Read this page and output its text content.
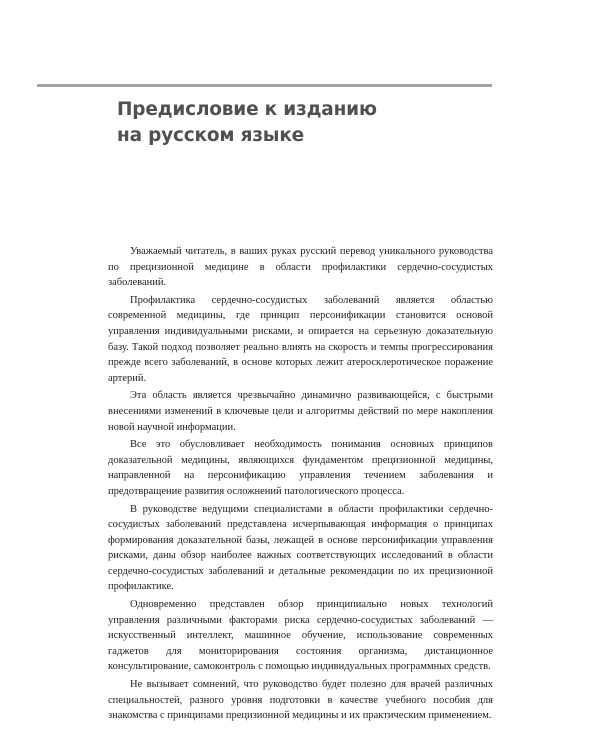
Предисловие к изданию
на русском языке

Уважаемый читатель, в ваших руках русский перевод уникального руководства по прецизионной медицине в области профилактики сердечно-сосудистых заболеваний.

Профилактика сердечно-сосудистых заболеваний является областью современной медицины, где принцип персонификации становится основой управления индивидуальными рисками, и опирается на серьезную доказательную базу. Такой подход позволяет реально влиять на скорость и темпы прогрессирования прежде всего заболеваний, в основе которых лежит атеросклеротическое поражение артерий.

Эта область является чрезвычайно динамично развивающейся, с быстрыми внесениями изменений в ключевые цели и алгоритмы действий по мере накопления новой научной информации.

Все это обусловливает необходимость понимания основных принципов доказательной медицины, являющихся фундаментом прецизионной медицины, направленной на персонификацию управления течением заболевания и предотвращение развития осложнений патологического процесса.

В руководстве ведущими специалистами в области профилактики сердечно-сосудистых заболеваний представлена исчерпывающая информация о принципах формирования доказательной базы, лежащей в основе персонификации управления рисками, даны обзор наиболее важных соответствующих исследований в области сердечно-сосудистых заболеваний и детальные рекомендации по их прецизионной профилактике.

Одновременно представлен обзор принципиально новых технологий управления различными факторами риска сердечно-сосудистых заболеваний — искусственный интеллект, машинное обучение, использование современных гаджетов для мониторирования состояния организма, дистанционное консультирование, самоконтроль с помощью индивидуальных программных средств.

Не вызывает сомнений, что руководство будет полезно для врачей различных специальностей, разного уровня подготовки в качестве учебного пособия для знакомства с принципами прецизионной медицины и их практическим применением.
